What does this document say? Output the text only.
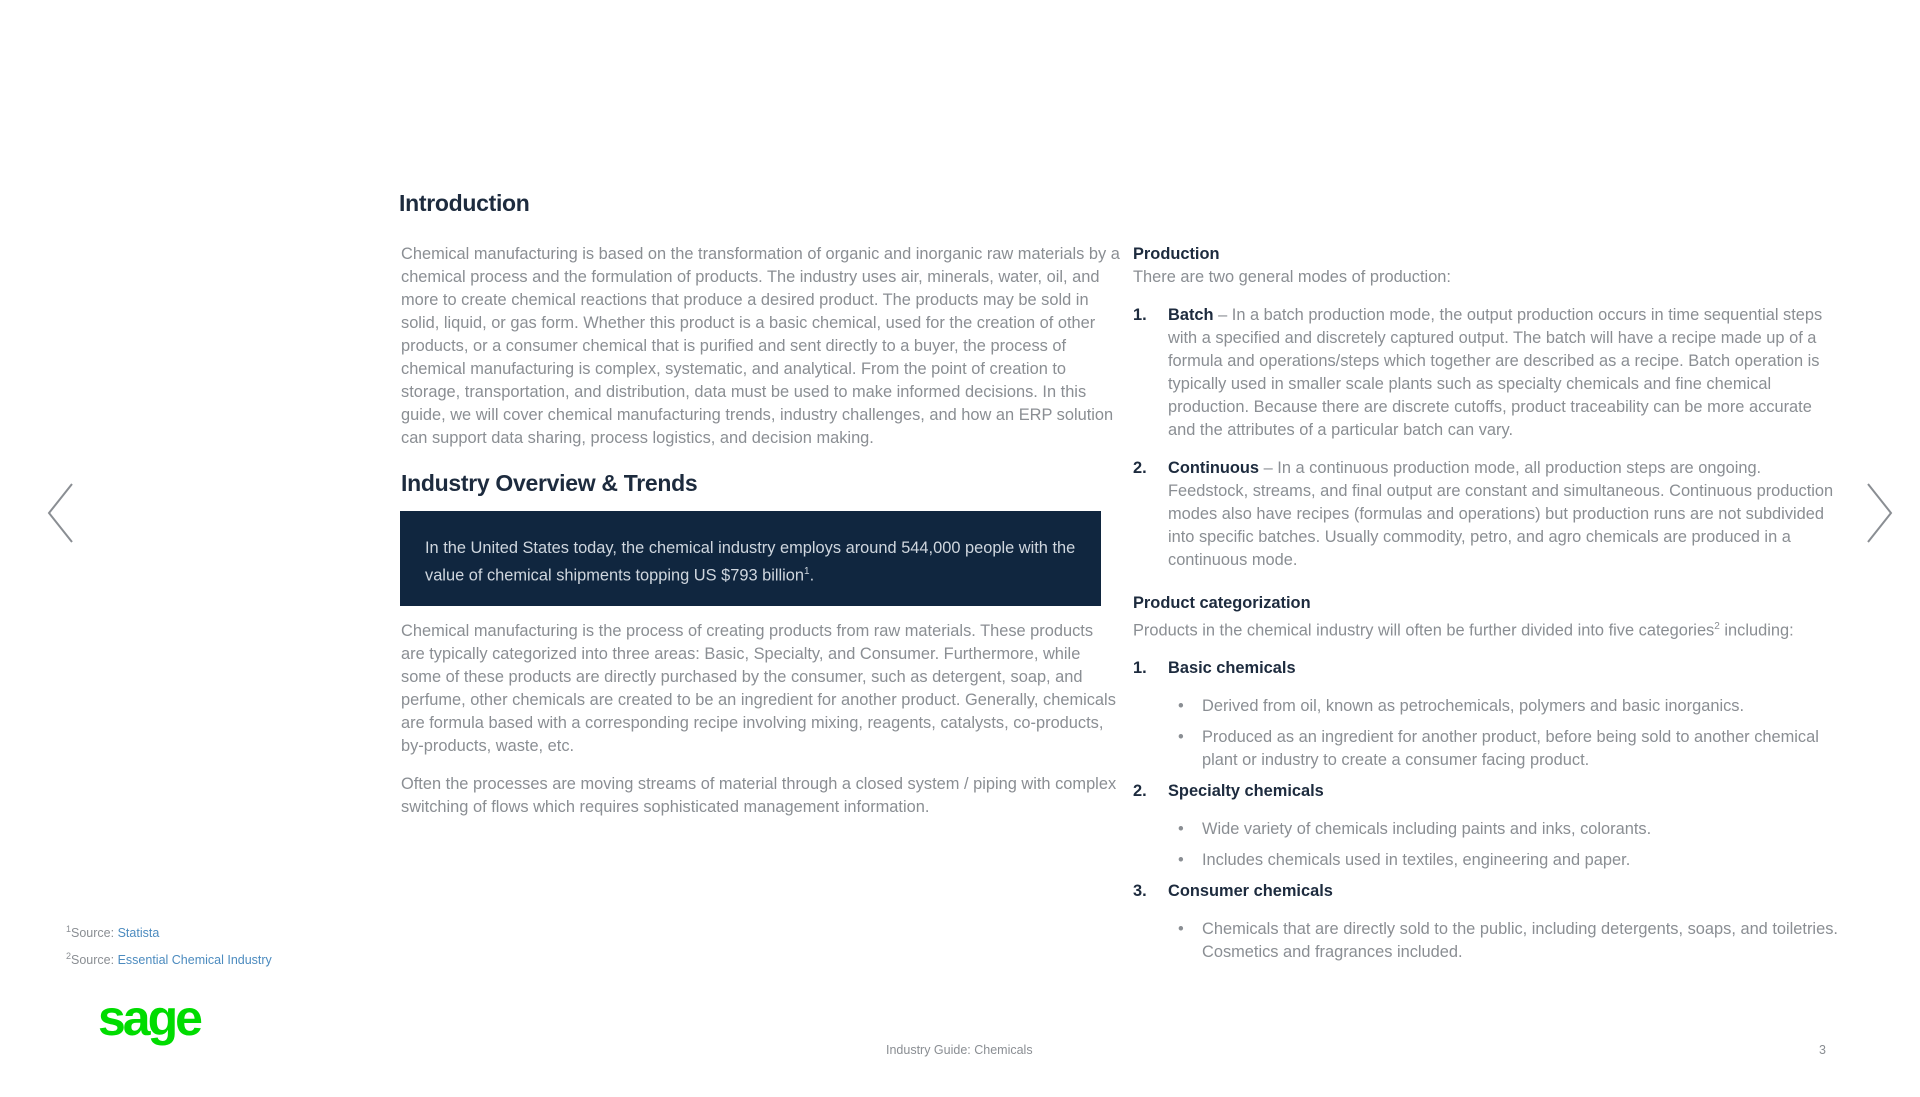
Introduction

Chemical manufacturing is based on the transformation of organic and inorganic raw materials by a chemical process and the formulation of products. The industry uses air, minerals, water, oil, and more to create chemical reactions that produce a desired product. The products may be sold in solid, liquid, or gas form. Whether this product is a basic chemical, used for the creation of other products, or a consumer chemical that is purified and sent directly to a buyer, the process of chemical manufacturing is complex, systematic, and analytical. From the point of creation to storage, transportation, and distribution, data must be used to make informed decisions. In this guide, we will cover chemical manufacturing trends, industry challenges, and how an ERP solution can support data sharing, process logistics, and decision making.

Industry Overview & Trends
In the United States today, the chemical industry employs around 544,000 people with the value of chemical shipments topping US $793 billion$^1$.

Chemical manufacturing is the process of creating products from raw materials. These products are typically categorized into three areas: Basic, Specialty, and Consumer. Furthermore, while some of these products are directly purchased by the consumer, such as detergent, soap, and perfume, other chemicals are created to be an ingredient for another product. Generally, chemicals are formula based with a corresponding recipe involving mixing, reagents, catalysts, co-products, by-products, waste, etc.

Often the processes are moving streams of material through a closed system / piping with complex switching of flows which requires sophisticated management information.

Production
There are two general modes of production:
1. Batch – In a batch production mode, the output production occurs in time sequential steps with a specified and discretely captured output. The batch will have a recipe made up of a formula and operations/steps which together are described as a recipe. Batch operation is typically used in smaller scale plants such as specialty chemicals and fine chemical production. Because there are discrete cutoffs, product traceability can be more accurate and the attributes of a particular batch can vary.
2. Continuous – In a continuous production mode, all production steps are ongoing. Feedstock, streams, and final output are constant and simultaneous. Continuous production modes also have recipes (formulas and operations) but production runs are not subdivided into specific batches. Usually commodity, petro, and agro chemicals are produced in a continuous mode.
Product categorization
Products in the chemical industry will often be further divided into five categories$^2$ including:
1. Basic chemicals
• Derived from oil, known as petrochemicals, polymers and basic inorganics.
• Produced as an ingredient for another product, before being sold to another chemical plant or industry to create a consumer facing product.
2. Specialty chemicals
• Wide variety of chemicals including paints and inks, colorants.
• Includes chemicals used in textiles, engineering and paper.
3. Consumer chemicals
• Chemicals that are directly sold to the public, including detergents, soaps, and toiletries. Cosmetics and fragrances included.
$^1$Source: Statista
$^2$Source: Essential Chemical Industry
sage
Industry Guide: Chemicals	3
